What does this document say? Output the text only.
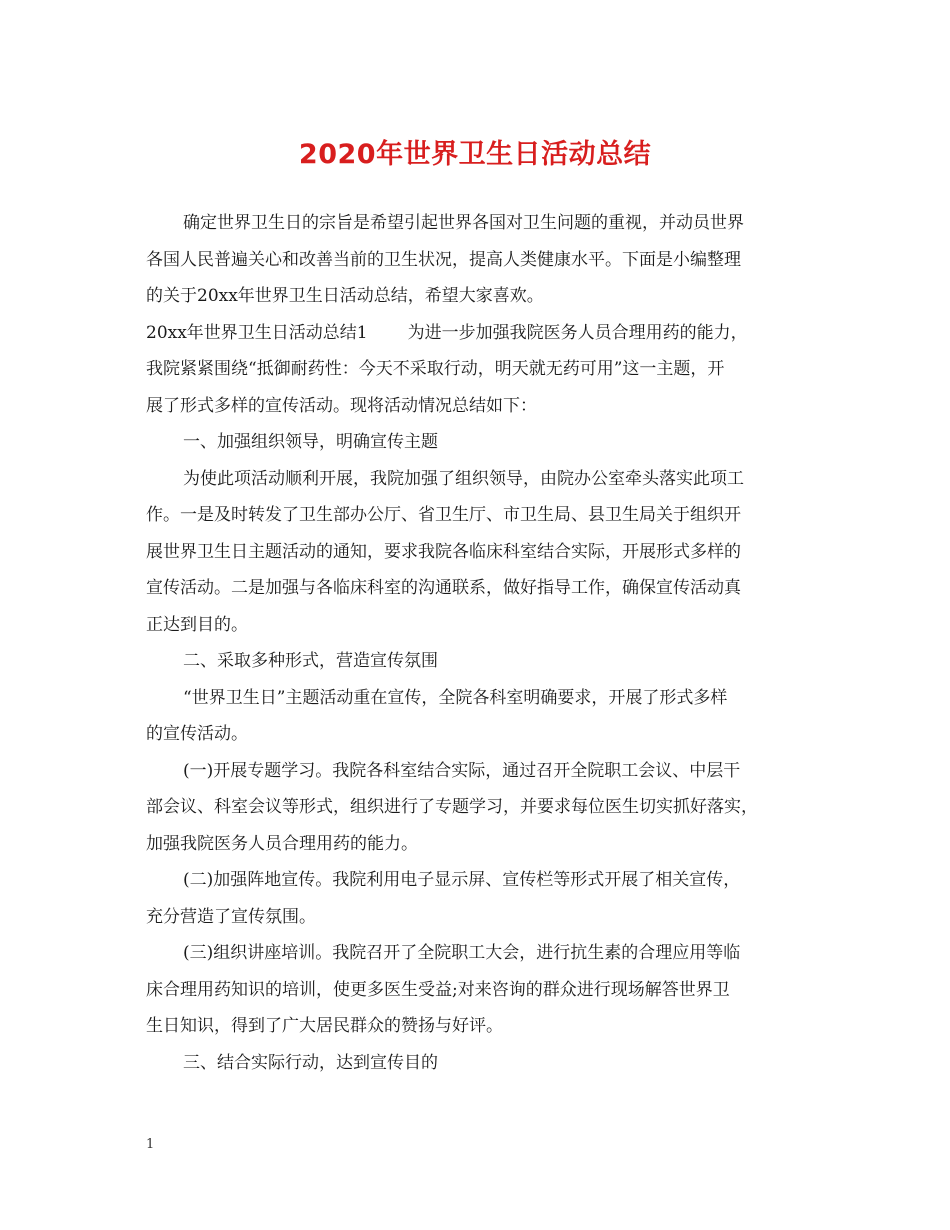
2020年世界卫生日活动总结
确定世界卫生日的宗旨是希望引起世界各国对卫生问题的重视，并动员世界
各国人民普遍关心和改善当前的卫生状况，提高人类健康水平。下面是小编整理
的关于20xx年世界卫生日活动总结，希望大家喜欢。
20xx年世界卫生日活动总结1 为进一步加强我院医务人员合理用药的能力，
我院紧紧围绕“抵御耐药性：今天不采取行动，明天就无药可用”这一主题，开
展了形式多样的宣传活动。现将活动情况总结如下：
一、加强组织领导，明确宣传主题
为使此项活动顺利开展，我院加强了组织领导，由院办公室牵头落实此项工
作。一是及时转发了卫生部办公厅、省卫生厅、市卫生局、县卫生局关于组织开
展世界卫生日主题活动的通知，要求我院各临床科室结合实际，开展形式多样的
宣传活动。二是加强与各临床科室的沟通联系，做好指导工作，确保宣传活动真
正达到目的。
二、采取多种形式，营造宣传氛围
“世界卫生日”主题活动重在宣传，全院各科室明确要求，开展了形式多样
的宣传活动。
(一)开展专题学习。我院各科室结合实际，通过召开全院职工会议、中层干
部会议、科室会议等形式，组织进行了专题学习，并要求每位医生切实抓好落实，
加强我院医务人员合理用药的能力。
(二)加强阵地宣传。我院利用电子显示屏、宣传栏等形式开展了相关宣传，
充分营造了宣传氛围。
(三)组织讲座培训。我院召开了全院职工大会，进行抗生素的合理应用等临
床合理用药知识的培训，使更多医生受益;对来咨询的群众进行现场解答世界卫
生日知识，得到了广大居民群众的赞扬与好评。
三、结合实际行动，达到宣传目的
1
